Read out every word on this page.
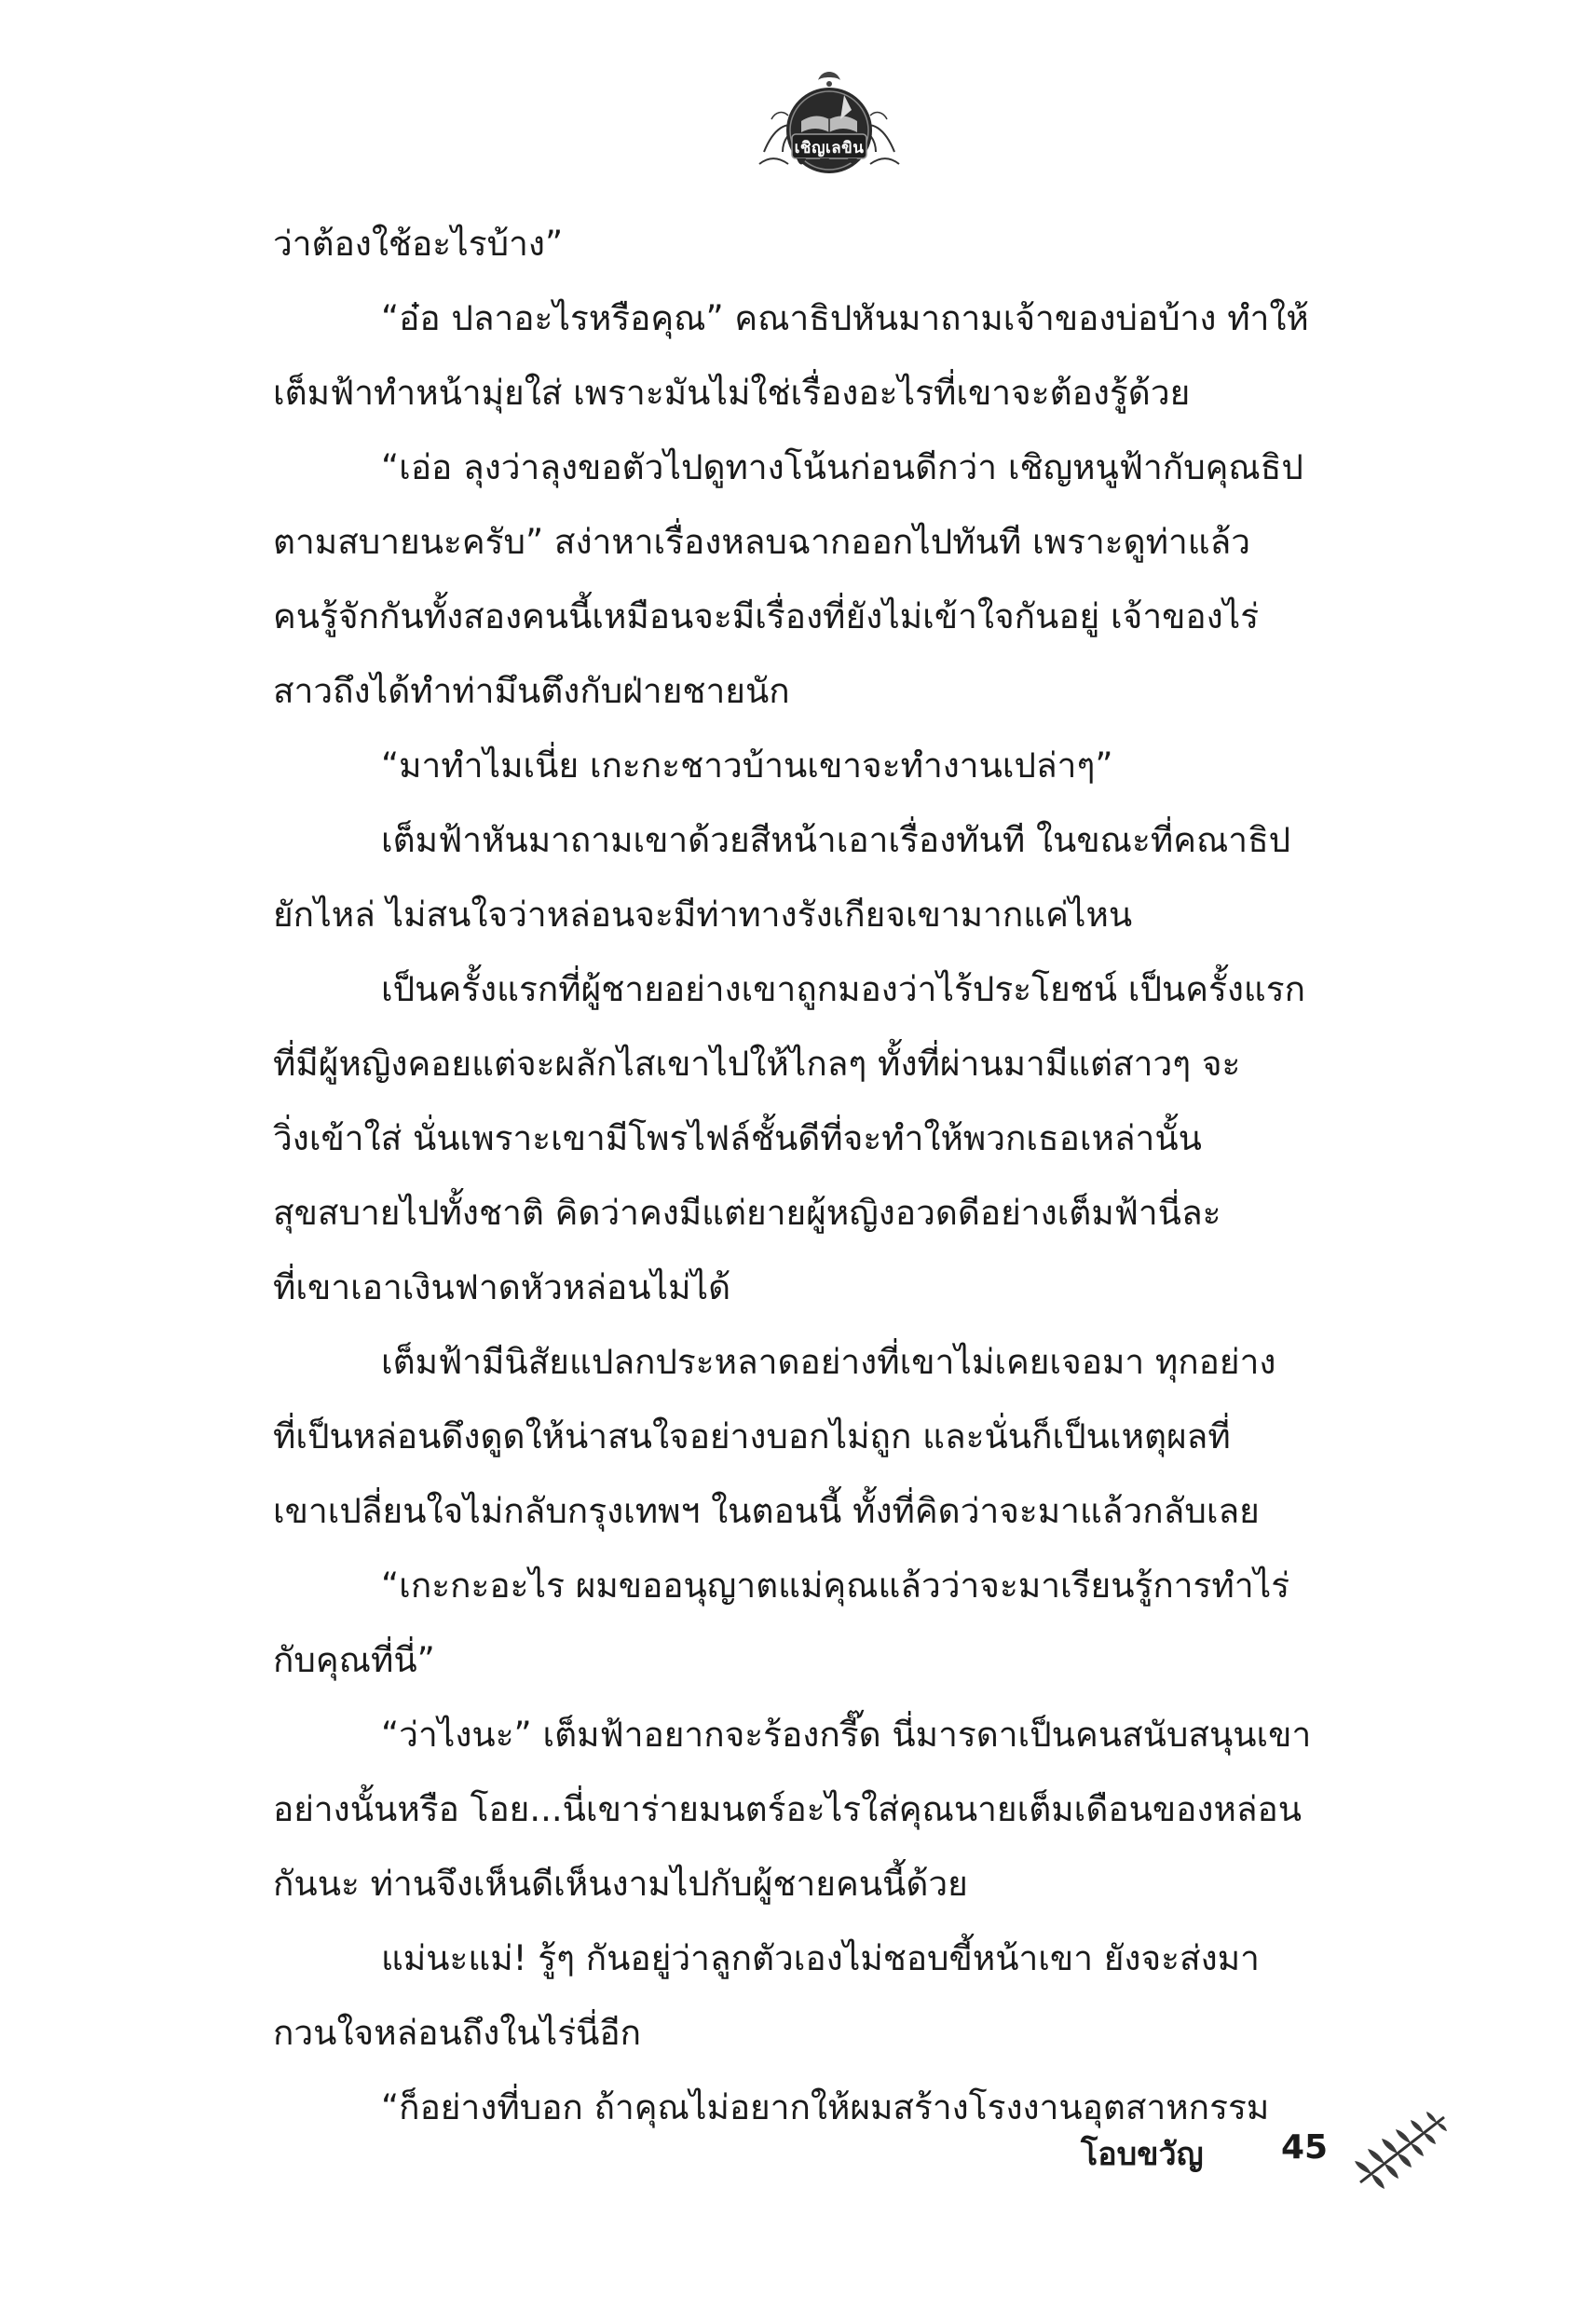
เชิญเลขิน
ว่าต้องใช้อะไรบ้าง”
“อ๋อ ปลาอะไรหรือคุณ” คณาธิปหันมาถามเจ้าของบ่อบ้าง ทำให้
เต็มฟ้าทำหน้ามุ่ยใส่ เพราะมันไม่ใช่เรื่องอะไรที่เขาจะต้องรู้ด้วย
“เอ่อ ลุงว่าลุงขอตัวไปดูทางโน้นก่อนดีกว่า เชิญหนูฟ้ากับคุณธิป
ตามสบายนะครับ” สง่าหาเรื่องหลบฉากออกไปทันที เพราะดูท่าแล้ว
คนรู้จักกันทั้งสองคนนี้เหมือนจะมีเรื่องที่ยังไม่เข้าใจกันอยู่ เจ้าของไร่
สาวถึงได้ทำท่ามึนตึงกับฝ่ายชายนัก
“มาทำไมเนี่ย เกะกะชาวบ้านเขาจะทำงานเปล่าๆ”
เต็มฟ้าหันมาถามเขาด้วยสีหน้าเอาเรื่องทันที ในขณะที่คณาธิป
ยักไหล่ ไม่สนใจว่าหล่อนจะมีท่าทางรังเกียจเขามากแค่ไหน
เป็นครั้งแรกที่ผู้ชายอย่างเขาถูกมองว่าไร้ประโยชน์ เป็นครั้งแรก
ที่มีผู้หญิงคอยแต่จะผลักไสเขาไปให้ไกลๆ ทั้งที่ผ่านมามีแต่สาวๆ จะ
วิ่งเข้าใส่ นั่นเพราะเขามีโพรไฟล์ชั้นดีที่จะทำให้พวกเธอเหล่านั้น
สุขสบายไปทั้งชาติ คิดว่าคงมีแต่ยายผู้หญิงอวดดีอย่างเต็มฟ้านี่ละ
ที่เขาเอาเงินฟาดหัวหล่อนไม่ได้
เต็มฟ้ามีนิสัยแปลกประหลาดอย่างที่เขาไม่เคยเจอมา ทุกอย่าง
ที่เป็นหล่อนดึงดูดให้น่าสนใจอย่างบอกไม่ถูก และนั่นก็เป็นเหตุผลที่
เขาเปลี่ยนใจไม่กลับกรุงเทพฯ ในตอนนี้ ทั้งที่คิดว่าจะมาแล้วกลับเลย
“เกะกะอะไร ผมขออนุญาตแม่คุณแล้วว่าจะมาเรียนรู้การทำไร่
กับคุณที่นี่”
“ว่าไงนะ” เต็มฟ้าอยากจะร้องกรี๊ด นี่มารดาเป็นคนสนับสนุนเขา
อย่างนั้นหรือ โอย...นี่เขาร่ายมนตร์อะไรใส่คุณนายเต็มเดือนของหล่อน
กันนะ ท่านจึงเห็นดีเห็นงามไปกับผู้ชายคนนี้ด้วย
แม่นะแม่! รู้ๆ กันอยู่ว่าลูกตัวเองไม่ชอบขี้หน้าเขา ยังจะส่งมา
กวนใจหล่อนถึงในไร่นี่อีก
“ก็อย่างที่บอก ถ้าคุณไม่อยากให้ผมสร้างโรงงานอุตสาหกรรม
โอบขวัญ 45
